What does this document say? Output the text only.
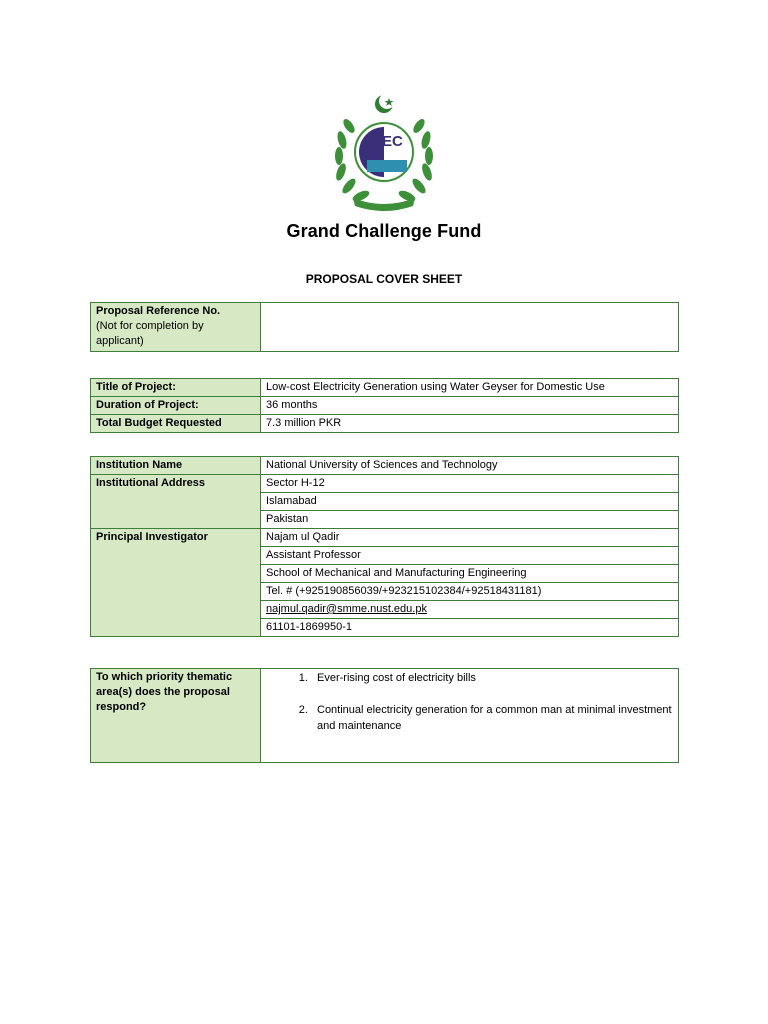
HEC
Grand Challenge Fund
PROPOSAL COVER SHEET
Proposal Reference No.
(Not for completion by
applicant)

Title of Project:	Low-cost Electricity Generation using Water Geyser for Domestic Use
Duration of Project:	36 months
Total Budget Requested	7.3 million PKR
Institution Name	National University of Sciences and Technology
Institutional Address	Sector H-12
	Islamabad
	Pakistan
Principal Investigator	Najam ul Qadir
	Assistant Professor
	School of Mechanical and Manufacturing Engineering
	Tel. # (+925190856039/+923215102384/+92518431181)
	najmul.qadir@smme.nust.edu.pk
	61101-1869950-1
To which priority thematic
area(s) does the proposal
respond?

1. Ever-rising cost of electricity bills
2. Continual electricity generation for a common man at minimal investment and maintenance
